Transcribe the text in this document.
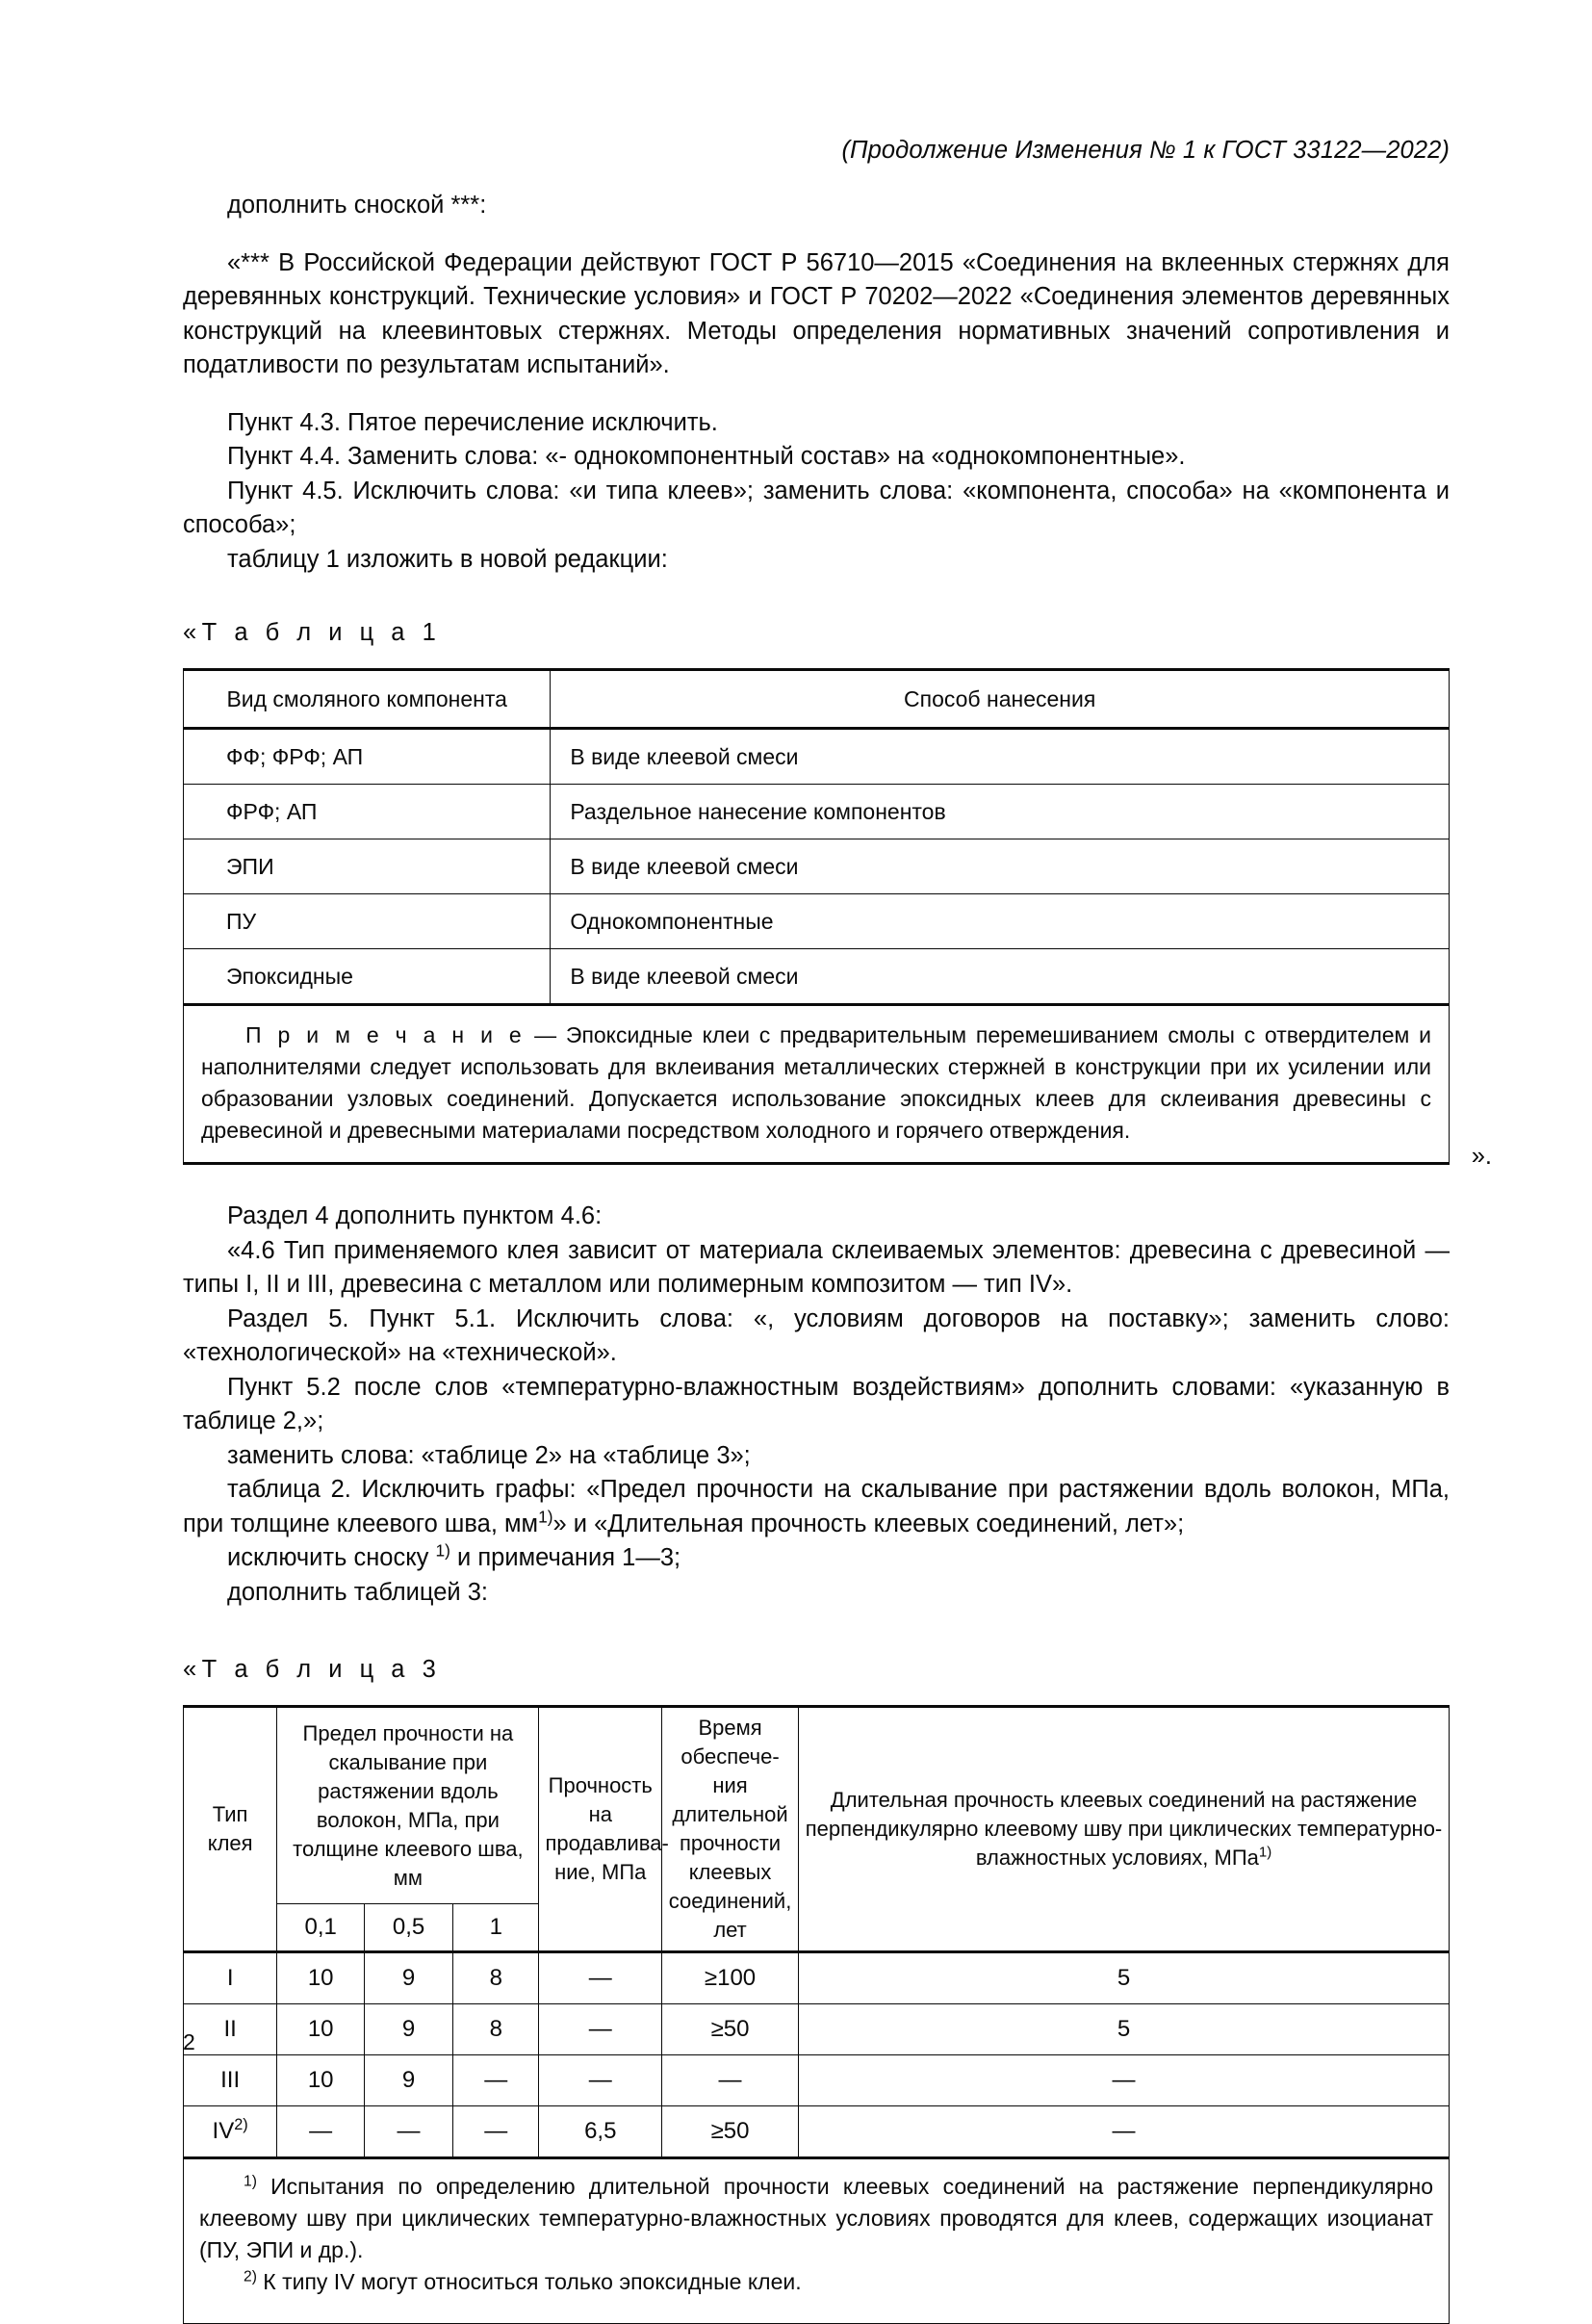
(Продолжение Изменения № 1 к ГОСТ 33122—2022)

дополнить сноской ***:

«*** В Российской Федерации действуют ГОСТ Р 56710—2015 «Соединения на вклеенных стержнях для деревянных конструкций. Технические условия» и ГОСТ Р 70202—2022 «Соединения элементов деревянных конструкций на клеевинтовых стержнях. Методы определения нормативных значений сопротивления и податливости по результатам испытаний».

Пункт 4.3. Пятое перечисление исключить.

Пункт 4.4. Заменить слова: «- однокомпонентный состав» на «однокомпонентные».

Пункт 4.5. Исключить слова: «и типа клеев»; заменить слова: «компонента, способа» на «компонента и способа»;

таблицу 1 изложить в новой редакции:

«Т а б л и ц а 1

Вид смоляного компонента	Способ нанесения
ФФ; ФРФ; АП	В виде клеевой смеси
ФРФ; АП	Раздельное нанесение компонентов
ЭПИ	В виде клеевой смеси
ПУ	Однокомпонентные
Эпоксидные	В виде клеевой смеси
П р и м е ч а н и е — Эпоксидные клеи с предварительным перемешиванием смолы с отвердителем и наполнителями следует использовать для вклеивания металлических стержней в конструкции при их усилении или образовании узловых соединений. Допускается использование эпоксидных клеев для склеивания древесины с древесиной и древесными материалами посредством холодного и горячего отверждения.	
».

Раздел 4 дополнить пунктом 4.6:

«4.6 Тип применяемого клея зависит от материала склеиваемых элементов: древесина с древесиной — типы I, II и III, древесина с металлом или полимерным композитом — тип IV».

Раздел 5. Пункт 5.1. Исключить слова: «, условиям договоров на поставку»; заменить слово: «технологической» на «технической».

Пункт 5.2 после слов «температурно-влажностным воздействиям» дополнить словами: «указанную в таблице 2,»;

заменить слова: «таблице 2» на «таблице 3»;

таблица 2. Исключить графы: «Предел прочности на скалывание при растяжении вдоль волокон, МПа, при толщине клеевого шва, мм$^{1)}$» и «Длительная прочность клеевых соединений, лет»;

исключить сноску $^{1)}$ и примечания 1—3;

дополнить таблицей 3:

«Т а б л и ц а 3

Тип
клея	Предел прочности на скалывание при растяжении вдоль волокон, МПа, при толщине клеевого шва, мм			Прочность на продавливание, МПа	Время обеспечения длительной прочности клеевых соединений, лет	Длительная прочность клеевых соединений на растяжение перпендикулярно клеевому шву при циклических температурно-влажностных условиях, МПа$^{1)}$
	0,1	0,5	1			
I	10	9	8	—	≥100	5
II	10	9	8	—	≥50	5
III	10	9	—	—	—	—
IV$^{2)}$	—	—	—	6,5	≥50	—

$^{1)}$ Испытания по определению длительной прочности клеевых соединений на растяжение перпендикулярно клеевому шву при циклических температурно-влажностных условиях проводятся для клеев, содержащих изоцианат (ПУ, ЭПИ и др.).
$^{2)}$ К типу IV могут относиться только эпоксидные клеи.						
2
